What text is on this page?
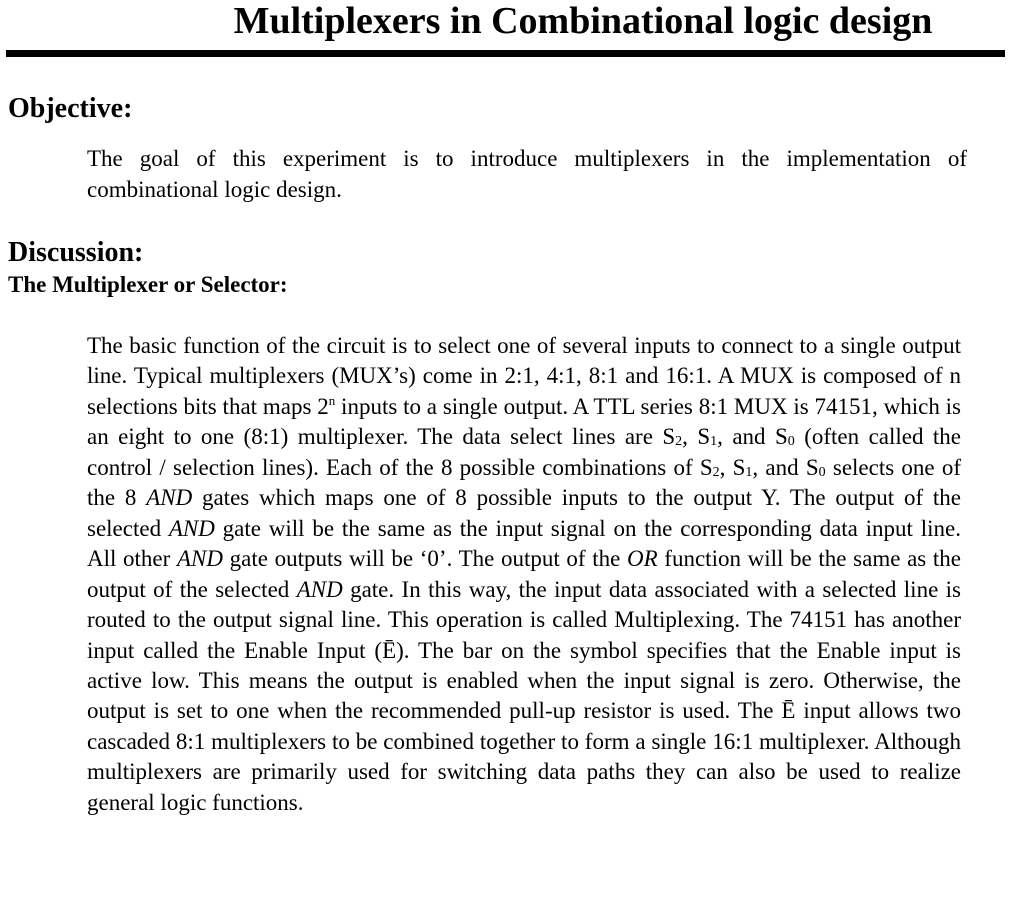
Multiplexers in Combinational logic design
Objective:

The goal of this experiment is to introduce multiplexers in the implementation of combinational logic design.

Discussion:
The Multiplexer or Selector:

The basic function of the circuit is to select one of several inputs to connect to a single output line. Typical multiplexers (MUX’s) come in 2:1, 4:1, 8:1 and 16:1. A MUX is composed of n selections bits that maps 2$^n$ inputs to a single output. A TTL series 8:1 MUX is 74151, which is an eight to one (8:1) multiplexer. The data select lines are $S_2$, $S_1$, and $S_0$ (often called the control / selection lines). Each of the 8 possible combinations of $S_2$, $S_1$, and $S_0$ selects one of the 8 AND gates which maps one of 8 possible inputs to the output Y. The output of the selected AND gate will be the same as the input signal on the corresponding data input line. All other AND gate outputs will be ‘0’. The output of the OR function will be the same as the output of the selected AND gate. In this way, the input data associated with a selected line is routed to the output signal line. This operation is called Multiplexing. The 74151 has another input called the Enable Input (Ē). The bar on the symbol specifies that the Enable input is active low. This means the output is enabled when the input signal is zero. Otherwise, the output is set to one when the recommended pull-up resistor is used. The Ē input allows two cascaded 8:1 multiplexers to be combined together to form a single 16:1 multiplexer. Although multiplexers are primarily used for switching data paths they can also be used to realize general logic functions.
